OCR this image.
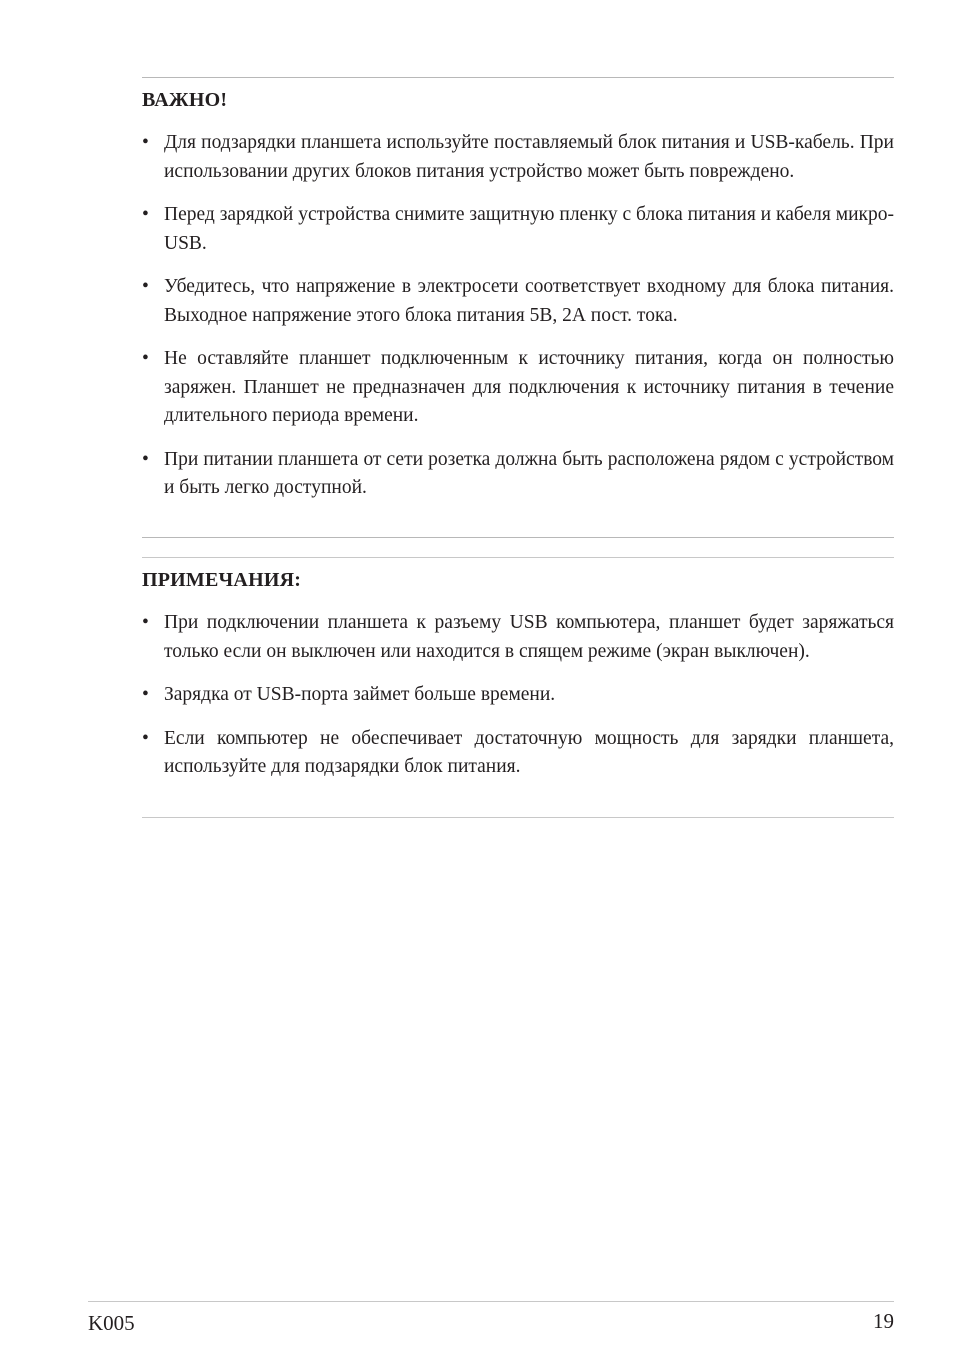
ВАЖНО!

• Для подзарядки планшета используйте поставляемый блок питания и USB-кабель. При использовании других блоков питания устройство может быть повреждено.
• Перед зарядкой устройства снимите защитную пленку с блока питания и кабеля микро-USB.
• Убедитесь, что напряжение в электросети соответствует входному для блока питания. Выходное напряжение этого блока питания 5В, 2А пост. тока.
• Не оставляйте планшет подключенным к источнику питания, когда он полностью заряжен. Планшет не предназначен для подключения к источнику питания в течение длительного периода времени.
• При питании планшета от сети розетка должна быть расположена рядом с устройством и быть легко доступной.

ПРИМЕЧАНИЯ:

• При подключении планшета к разъему USB компьютера, планшет будет заряжаться только если он выключен или находится в спящем режиме (экран выключен).
• Зарядка от USB-порта займет больше времени.
• Если компьютер не обеспечивает достаточную мощность для зарядки планшета, используйте для подзарядки блок питания.
K005	19
